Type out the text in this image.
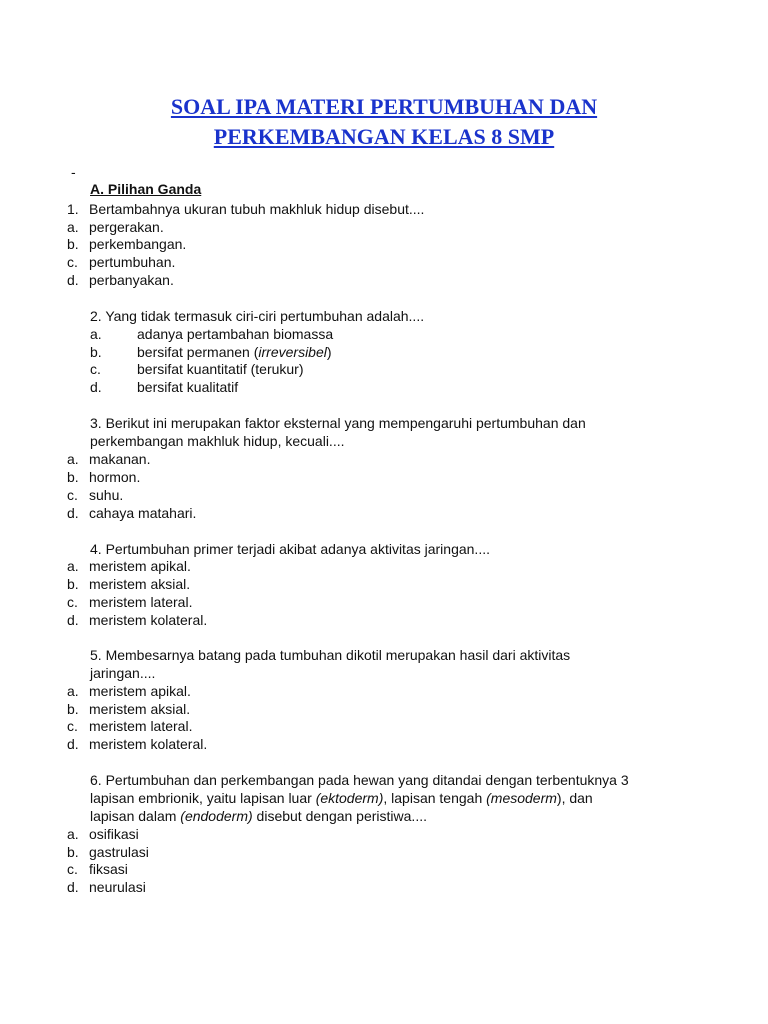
SOAL IPA MATERI PERTUMBUHAN DAN
PERKEMBANGAN KELAS 8 SMP
-
A. Pilihan Ganda
1. Bertambahnya ukuran tubuh makhluk hidup disebut....
a. pergerakan.
b. perkembangan.
c. pertumbuhan.
d. perbanyakan.
2. Yang tidak termasuk ciri-ciri pertumbuhan adalah....
a.	adanya pertambahan biomassa
b.	bersifat permanen (irreversibel)
c.	bersifat kuantitatif (terukur)
d.	bersifat kualitatif
3. Berikut ini merupakan faktor eksternal yang mempengaruhi pertumbuhan dan
perkembangan makhluk hidup, kecuali....
a. makanan.
b. hormon.
c. suhu.
d. cahaya matahari.
4. Pertumbuhan primer terjadi akibat adanya aktivitas jaringan....
a. meristem apikal.
b. meristem aksial.
c. meristem lateral.
d. meristem kolateral.
5. Membesarnya batang pada tumbuhan dikotil merupakan hasil dari aktivitas
jaringan....
a. meristem apikal.
b. meristem aksial.
c. meristem lateral.
d. meristem kolateral.
6. Pertumbuhan dan perkembangan pada hewan yang ditandai dengan terbentuknya 3
lapisan embrionik, yaitu lapisan luar (ektoderm), lapisan tengah (mesoderm), dan
lapisan dalam (endoderm) disebut dengan peristiwa....
a. osifikasi
b. gastrulasi
c. fiksasi
d. neurulasi
